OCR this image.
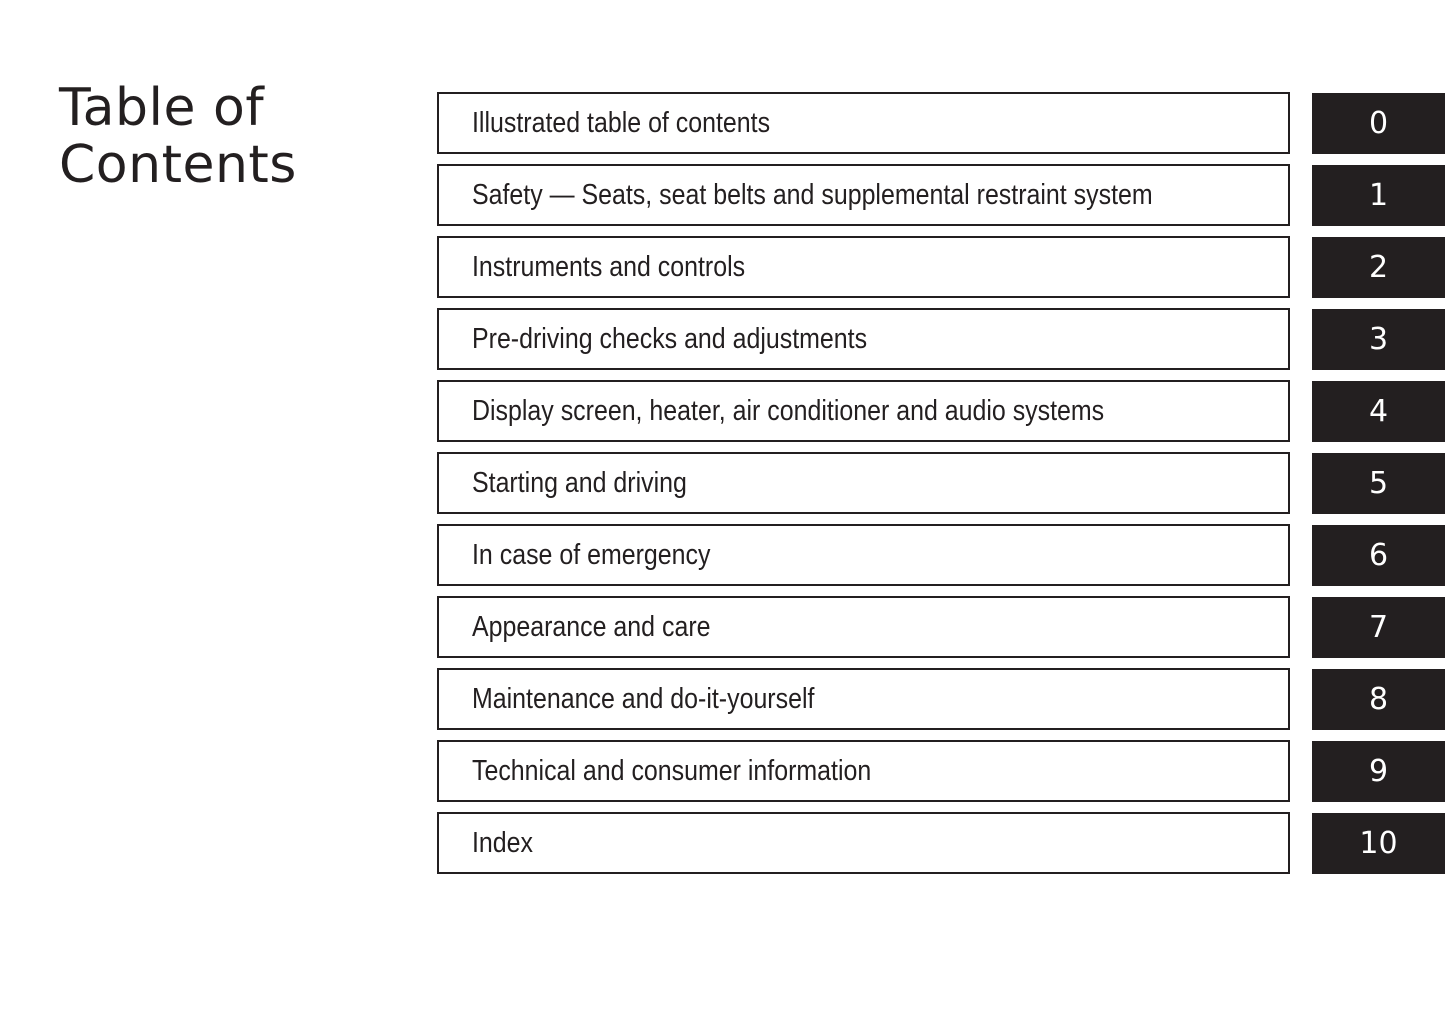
Table of
Contents
Illustrated table of contents	0
Safety — Seats, seat belts and supplemental restraint system	1
Instruments and controls	2
Pre-driving checks and adjustments	3
Display screen, heater, air conditioner and audio systems	4
Starting and driving	5
In case of emergency	6
Appearance and care	7
Maintenance and do-it-yourself	8
Technical and consumer information	9
Index	10
